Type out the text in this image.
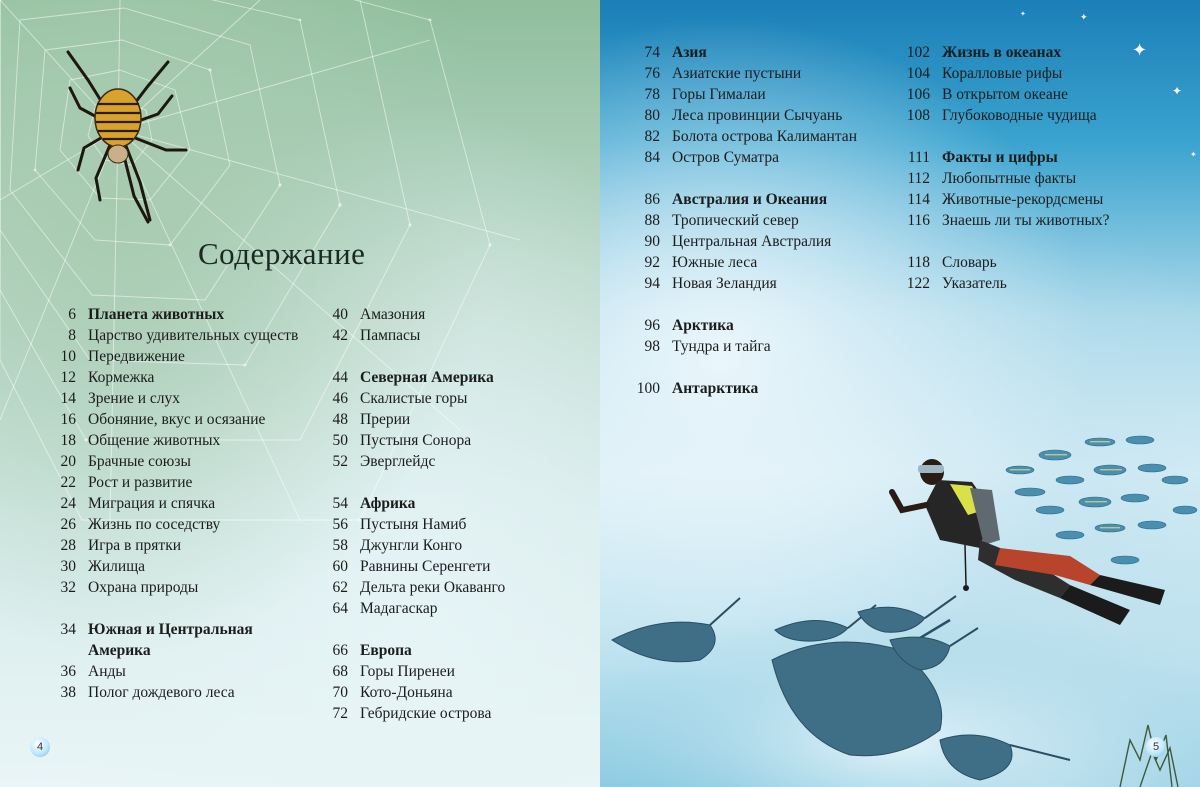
Содержание
6 Планета животных
8 Царство удивительных существ
10 Передвижение
12 Кормежка
14 Зрение и слух
16 Обоняние, вкус и осязание
18 Общение животных
20 Брачные союзы
22 Рост и развитие
24 Миграция и спячка
26 Жизнь по соседству
28 Игра в прятки
30 Жилища
32 Охрана природы
34 Южная и Центральная Америка
36 Анды
38 Полог дождевого леса
40 Амазония
42 Пампасы
44 Северная Америка
46 Скалистые горы
48 Прерии
50 Пустыня Сонора
52 Эверглейдс
54 Африка
56 Пустыня Намиб
58 Джунгли Конго
60 Равнины Серенгети
62 Дельта реки Окаванго
64 Мадагаскар
66 Европа
68 Горы Пиренеи
70 Кото-Доньяна
72 Гебридские острова
4
✦
✦
✦
✦
✦
74 Азия
76 Азиатские пустыни
78 Горы Гималаи
80 Леса провинции Сычуань
82 Болота острова Калимантан
84 Остров Суматра
86 Австралия и Океания
88 Тропический север
90 Центральная Австралия
92 Южные леса
94 Новая Зеландия
96 Арктика
98 Тундра и тайга
100 Антарктика
102 Жизнь в океанах
104 Коралловые рифы
106 В открытом океане
108 Глубоководные чудища
111 Факты и цифры
112 Любопытные факты
114 Животные-рекордсмены
116 Знаешь ли ты животных?
118 Словарь
122 Указатель
5
